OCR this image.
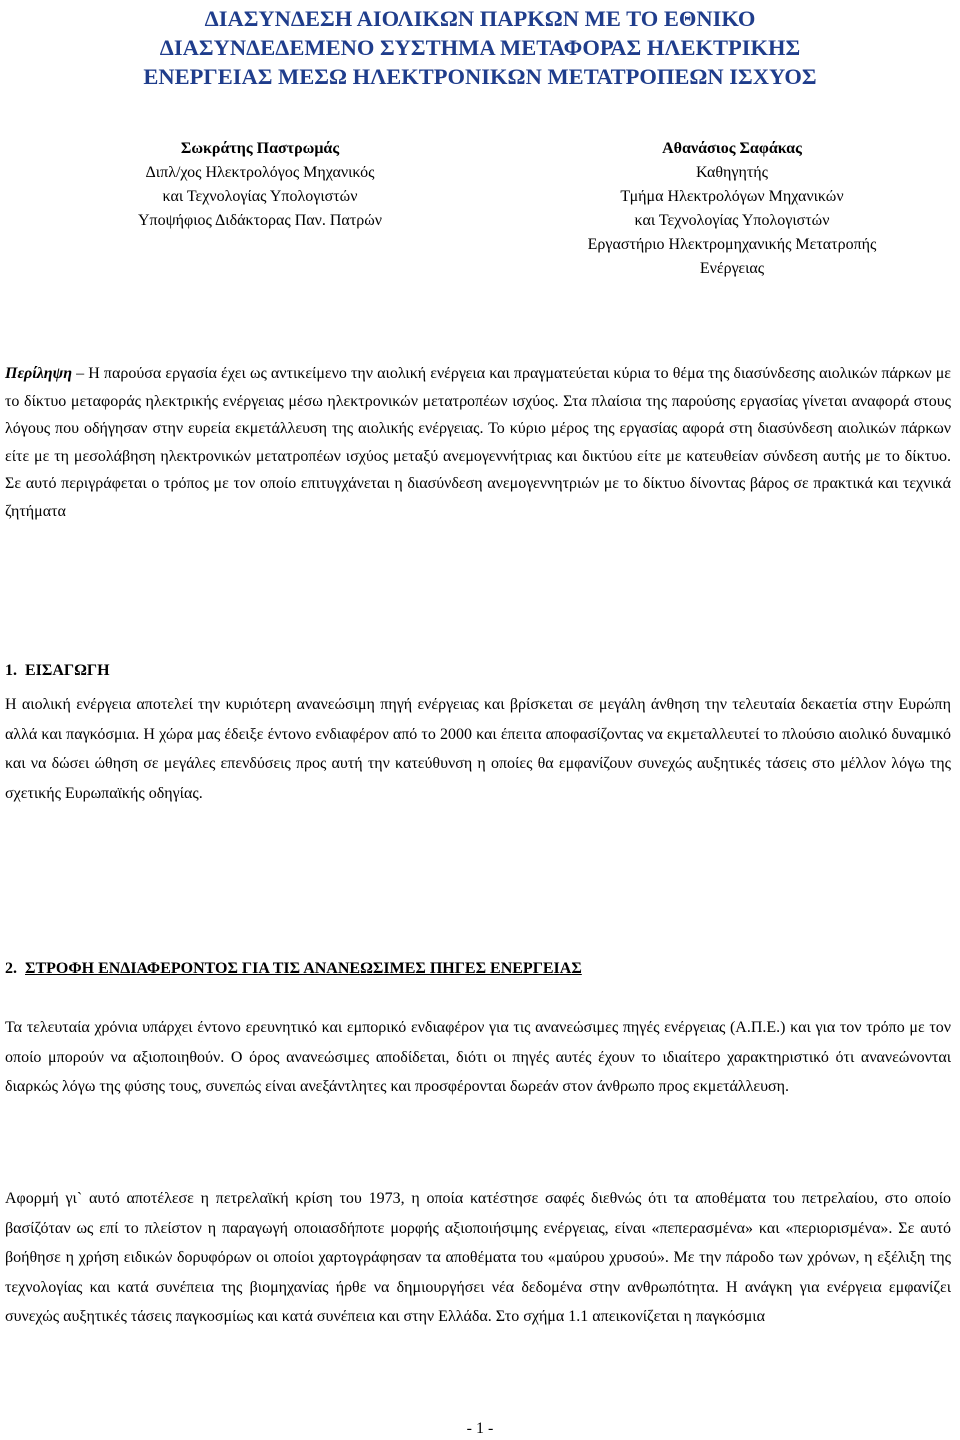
ΔΙΑΣΥΝΔΕΣΗ ΑΙΟΛΙΚΩΝ ΠΑΡΚΩΝ ΜΕ ΤΟ ΕΘΝΙΚΟ
ΔΙΑΣΥΝΔΕΔΕΜΕΝΟ ΣΥΣΤΗΜΑ ΜΕΤΑΦΟΡΑΣ ΗΛΕΚΤΡΙΚΗΣ
ΕΝΕΡΓΕΙΑΣ ΜΕΣΩ ΗΛΕΚΤΡΟΝΙΚΩΝ ΜΕΤΑΤΡΟΠΕΩΝ ΙΣΧΥΟΣ
Σωκράτης Παστρωμάς
Διπλ/χος Ηλεκτρολόγος Μηχανικός
και Τεχνολογίας Υπολογιστών
Υποψήφιος Διδάκτορας Παν. Πατρών
Αθανάσιος Σαφάκας
Καθηγητής
Τμήμα Ηλεκτρολόγων Μηχανικών
και Τεχνολογίας Υπολογιστών
Εργαστήριο Ηλεκτρομηχανικής Μετατροπής
Ενέργειας

Περίληψη – Η παρούσα εργασία έχει ως αντικείμενο την αιολική ενέργεια και πραγματεύεται κύρια το θέμα της διασύνδεσης αιολικών πάρκων με το δίκτυο μεταφοράς ηλεκτρικής ενέργειας μέσω ηλεκτρονικών μετατροπέων ισχύος. Στα πλαίσια της παρούσης εργασίας γίνεται αναφορά στους λόγους που οδήγησαν στην ευρεία εκμετάλλευση της αιολικής ενέργειας. Το κύριο μέρος της εργασίας αφορά στη διασύνδεση αιολικών πάρκων είτε με τη μεσολάβηση ηλεκτρονικών μετατροπέων ισχύος μεταξύ ανεμογεννήτριας και δικτύου είτε με κατευθείαν σύνδεση αυτής με το δίκτυο. Σε αυτό περιγράφεται ο τρόπος με τον οποίο επιτυγχάνεται η διασύνδεση ανεμογεννητριών με το δίκτυο δίνοντας βάρος σε πρακτικά και τεχνικά ζητήματα

1. ΕΙΣΑΓΩΓΗ

Η αιολική ενέργεια αποτελεί την κυριότερη ανανεώσιμη πηγή ενέργειας και βρίσκεται σε μεγάλη άνθηση την τελευταία δεκαετία στην Ευρώπη αλλά και παγκόσμια. Η χώρα μας έδειξε έντονο ενδιαφέρον από το 2000 και έπειτα αποφασίζοντας να εκμεταλλευτεί το πλούσιο αιολικό δυναμικό και να δώσει ώθηση σε μεγάλες επενδύσεις προς αυτή την κατεύθυνση η οποίες θα εμφανίζουν συνεχώς αυξητικές τάσεις στο μέλλον λόγω της σχετικής Ευρωπαϊκής οδηγίας.

2. ΣΤΡΟΦΗ ΕΝΔΙΑΦΕΡΟΝΤΟΣ ΓΙΑ ΤΙΣ ΑΝΑΝΕΩΣΙΜΕΣ ΠΗΓΕΣ ΕΝΕΡΓΕΙΑΣ

Τα τελευταία χρόνια υπάρχει έντονο ερευνητικό και εμπορικό ενδιαφέρον για τις ανανεώσιμες πηγές ενέργειας (Α.Π.Ε.) και για τον τρόπο με τον οποίο μπορούν να αξιοποιηθούν. Ο όρος ανανεώσιμες αποδίδεται, διότι οι πηγές αυτές έχουν το ιδιαίτερο χαρακτηριστικό ότι ανανεώνονται διαρκώς λόγω της φύσης τους, συνεπώς είναι ανεξάντλητες και προσφέρονται δωρεάν στον άνθρωπο προς εκμετάλλευση.

Αφορμή γι` αυτό αποτέλεσε η πετρελαϊκή κρίση του 1973, η οποία κατέστησε σαφές διεθνώς ότι τα αποθέματα του πετρελαίου, στο οποίο βασίζόταν ως επί το πλείστον η παραγωγή οποιασδήποτε μορφής αξιοποιήσιμης ενέργειας, είναι «πεπερασμένα» και «περιορισμένα». Σε αυτό βοήθησε η χρήση ειδικών δορυφόρων οι οποίοι χαρτογράφησαν τα αποθέματα του «μαύρου χρυσού». Με την πάροδο των χρόνων, η εξέλιξη της τεχνολογίας και κατά συνέπεια της βιομηχανίας ήρθε να δημιουργήσει νέα δεδομένα στην ανθρωπότητα. Η ανάγκη για ενέργεια εμφανίζει συνεχώς αυξητικές τάσεις παγκοσμίως και κατά συνέπεια και στην Ελλάδα. Στο σχήμα 1.1 απεικονίζεται η παγκόσμια

- 1 -
